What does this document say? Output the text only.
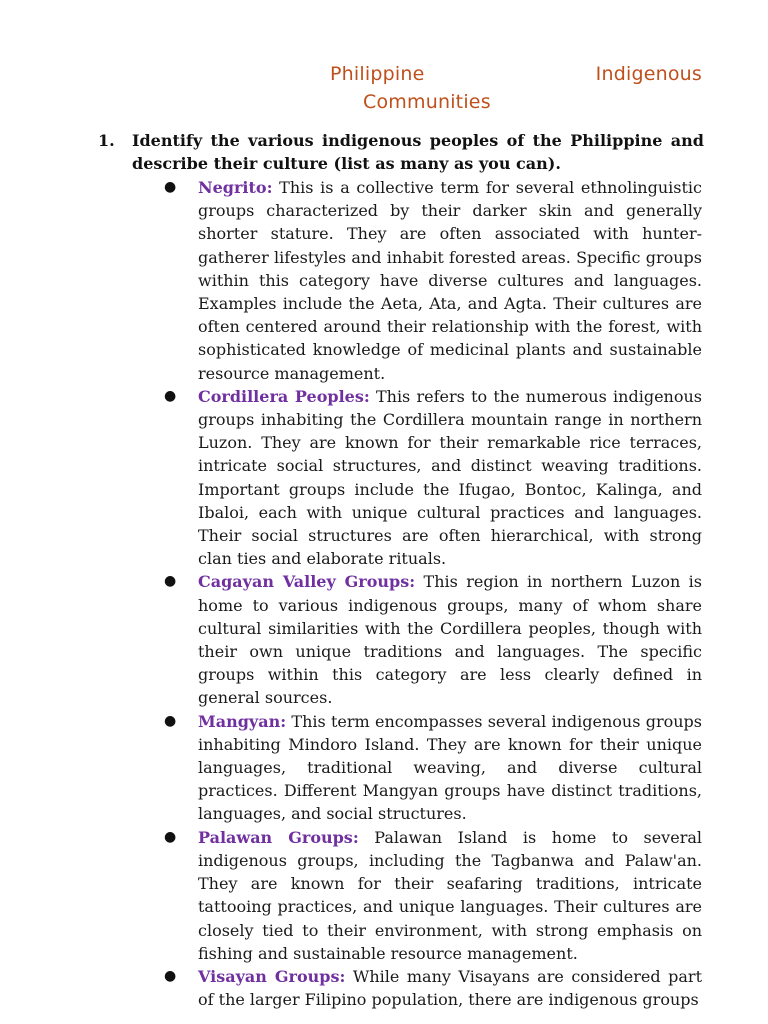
Philippine	Indigenous
Communities
1. Identify the various indigenous peoples of the Philippine and describe their culture (list as many as you can).
● Negrito: This is a collective term for several ethnolinguistic groups characterized by their darker skin and generally shorter stature. They are often associated with hunter-gatherer lifestyles and inhabit forested areas. Specific groups within this category have diverse cultures and languages. Examples include the Aeta, Ata, and Agta. Their cultures are often centered around their relationship with the forest, with sophisticated knowledge of medicinal plants and sustainable resource management.
● Cordillera Peoples: This refers to the numerous indigenous groups inhabiting the Cordillera mountain range in northern Luzon. They are known for their remarkable rice terraces, intricate social structures, and distinct weaving traditions. Important groups include the Ifugao, Bontoc, Kalinga, and Ibaloi, each with unique cultural practices and languages. Their social structures are often hierarchical, with strong clan ties and elaborate rituals.
● Cagayan Valley Groups: This region in northern Luzon is home to various indigenous groups, many of whom share cultural similarities with the Cordillera peoples, though with their own unique traditions and languages. The specific groups within this category are less clearly defined in general sources.
● Mangyan: This term encompasses several indigenous groups inhabiting Mindoro Island. They are known for their unique languages, traditional weaving, and diverse cultural practices. Different Mangyan groups have distinct traditions, languages, and social structures.
● Palawan Groups: Palawan Island is home to several indigenous groups, including the Tagbanwa and Palaw'an. They are known for their seafaring traditions, intricate tattooing practices, and unique languages. Their cultures are closely tied to their environment, with strong emphasis on fishing and sustainable resource management.
● Visayan Groups: While many Visayans are considered part of the larger Filipino population, there are indigenous groups
